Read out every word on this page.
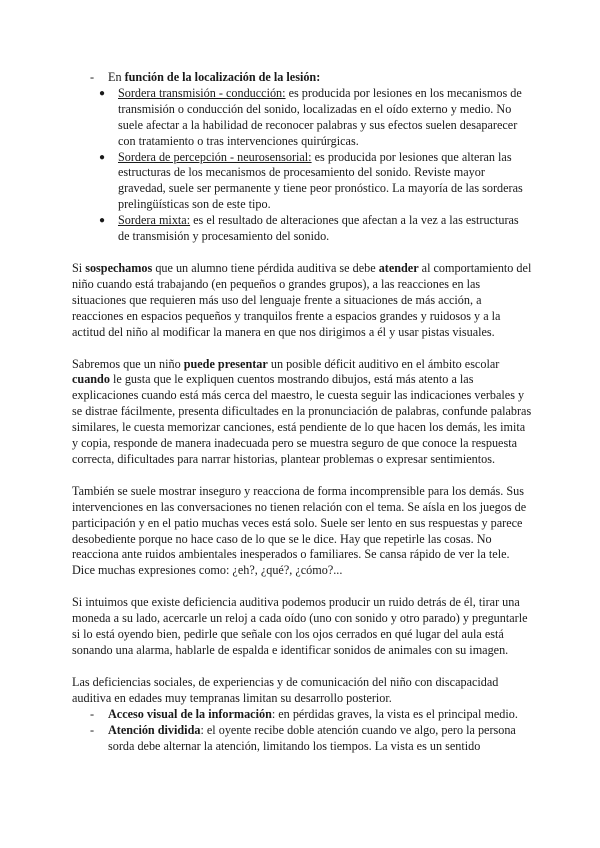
- En función de la localización de la lesión:
● Sordera transmisión - conducción: es producida por lesiones en los mecanismos de transmisión o conducción del sonido, localizadas en el oído externo y medio. No suele afectar a la habilidad de reconocer palabras y sus efectos suelen desaparecer con tratamiento o tras intervenciones quirúrgicas.
● Sordera de percepción - neurosensorial: es producida por lesiones que alteran las estructuras de los mecanismos de procesamiento del sonido. Reviste mayor gravedad, suele ser permanente y tiene peor pronóstico. La mayoría de las sorderas prelingüísticas son de este tipo.
● Sordera mixta: es el resultado de alteraciones que afectan a la vez a las estructuras de transmisión y procesamiento del sonido.

Si sospechamos que un alumno tiene pérdida auditiva se debe atender al comportamiento del niño cuando está trabajando (en pequeños o grandes grupos), a las reacciones en las situaciones que requieren más uso del lenguaje frente a situaciones de más acción, a reacciones en espacios pequeños y tranquilos frente a espacios grandes y ruidosos y a la actitud del niño al modificar la manera en que nos dirigimos a él y usar pistas visuales.

Sabremos que un niño puede presentar un posible déficit auditivo en el ámbito escolar cuando le gusta que le expliquen cuentos mostrando dibujos, está más atento a las explicaciones cuando está más cerca del maestro, le cuesta seguir las indicaciones verbales y se distrae fácilmente, presenta dificultades en la pronunciación de palabras, confunde palabras similares, le cuesta memorizar canciones, está pendiente de lo que hacen los demás, les imita y copia, responde de manera inadecuada pero se muestra seguro de que conoce la respuesta correcta, dificultades para narrar historias, plantear problemas o expresar sentimientos.

También se suele mostrar inseguro y reacciona de forma incomprensible para los demás. Sus intervenciones en las conversaciones no tienen relación con el tema. Se aísla en los juegos de participación y en el patio muchas veces está solo. Suele ser lento en sus respuestas y parece desobediente porque no hace caso de lo que se le dice. Hay que repetirle las cosas. No reacciona ante ruidos ambientales inesperados o familiares. Se cansa rápido de ver la tele. Dice muchas expresiones como: ¿eh?, ¿qué?, ¿cómo?...

Si intuimos que existe deficiencia auditiva podemos producir un ruido detrás de él, tirar una moneda a su lado, acercarle un reloj a cada oído (uno con sonido y otro parado) y preguntarle si lo está oyendo bien, pedirle que señale con los ojos cerrados en qué lugar del aula está sonando una alarma, hablarle de espalda e identificar sonidos de animales con su imagen.

Las deficiencias sociales, de experiencias y de comunicación del niño con discapacidad auditiva en edades muy tempranas limitan su desarrollo posterior.

- Acceso visual de la información: en pérdidas graves, la vista es el principal medio.
- Atención dividida: el oyente recibe doble atención cuando ve algo, pero la persona sorda debe alternar la atención, limitando los tiempos. La vista es un sentido
